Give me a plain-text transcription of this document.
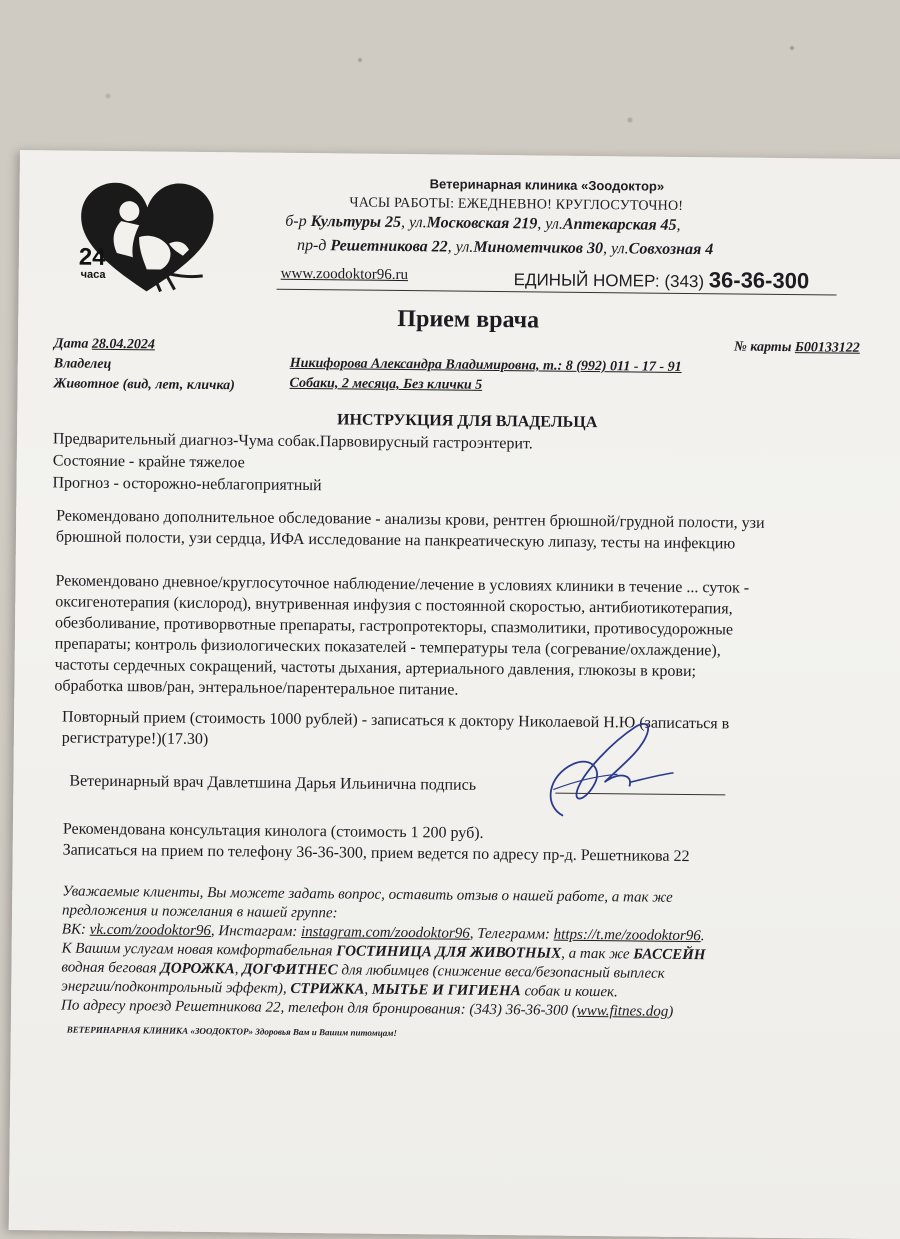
24
часа
Ветеринарная клиника «Зоодоктор»
ЧАСЫ РАБОТЫ: ЕЖЕДНЕВНО! КРУГЛОСУТОЧНО!
б-р Культуры 25, ул.Московская 219, ул.Аптекарская 45,
пр-д Решетникова 22, ул.Минометчиков 30, ул.Совхозная 4
www.zoodoktor96.ru	ЕДИНЫЙ НОМЕР: (343) 36-36-300
Прием врача
Дата 28.04.2024	№ карты Б00133122
Владелец	Никифорова Александра Владимировна, т.: 8 (992) 011 - 17 - 91
Животное (вид, лет, кличка)	Собаки, 2 месяца, Без клички 5
ИНСТРУКЦИЯ ДЛЯ ВЛАДЕЛЬЦА
Предварительный диагноз-Чума собак.Парвовирусный гастроэнтерит.
Состояние - крайне тяжелое
Прогноз - осторожно-неблагоприятный
Рекомендовано дополнительное обследование - анализы крови, рентген брюшной/грудной полости, узи
брюшной полости, узи сердца, ИФА исследование на панкреатическую липазу, тесты на инфекцию
Рекомендовано дневное/круглосуточное наблюдение/лечение в условиях клиники в течение ... суток -
оксигенотерапия (кислород), внутривенная инфузия с постоянной скоростью, антибиотикотерапия,
обезболивание, противорвотные препараты, гастропротекторы, спазмолитики, противосудорожные
препараты; контроль физиологических показателей - температуры тела (согревание/охлаждение),
частоты сердечных сокращений, частоты дыхания, артериального давления, глюкозы в крови;
обработка швов/ран, энтеральное/парентеральное питание.
Повторный прием (стоимость 1000 рублей) - записаться к доктору Николаевой Н.Ю (записаться в
регистратуре!)(17.30)
Ветеринарный врач Давлетшина Дарья Ильинична подпись
Рекомендована консультация кинолога (стоимость 1 200 руб).
Записаться на прием по телефону 36-36-300, прием ведется по адресу пр-д. Решетникова 22
Уважаемые клиенты, Вы можете задать вопрос, оставить отзыв о нашей работе, а так же
предложения и пожелания в нашей группе:
ВК: vk.com/zoodoktor96, Инстаграм: instagram.com/zoodoktor96, Телеграмм: https://t.me/zoodoktor96.
К Вашим услугам новая комфортабельная ГОСТИНИЦА ДЛЯ ЖИВОТНЫХ, а так же БАССЕЙН
водная беговая ДОРОЖКА, ДОГФИТНЕС для любимцев (снижение веса/безопасный выплеск
энергии/подконтрольный эффект), СТРИЖКА, МЫТЬЕ И ГИГИЕНА собак и кошек.
По адресу проезд Решетникова 22, телефон для бронирования: (343) 36-36-300 (www.fitnes.dog)
ВЕТЕРИНАРНАЯ КЛИНИКА «ЗООДОКТОР» Здоровья Вам и Вашим питомцам!
